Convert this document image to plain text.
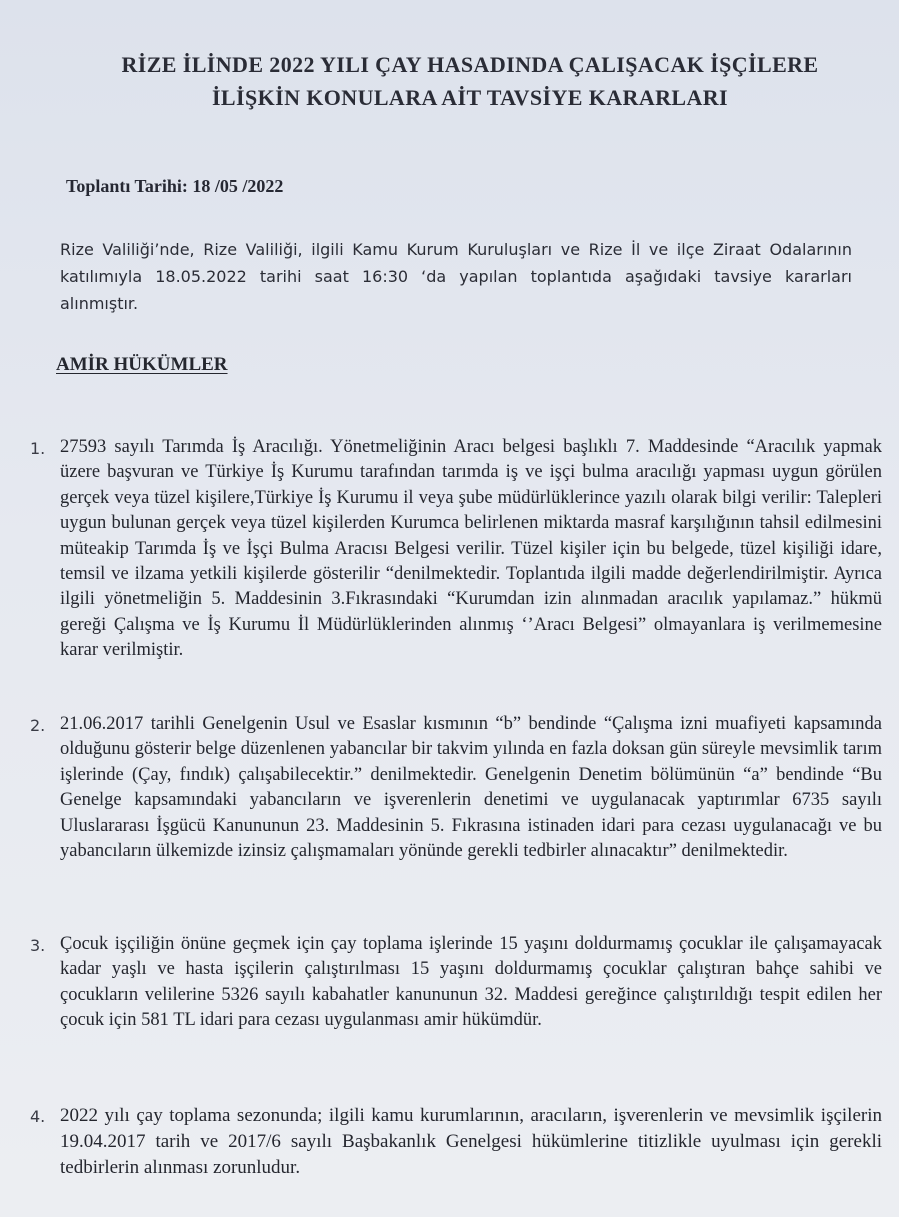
RİZE İLİNDE 2022 YILI ÇAY HASADINDA ÇALIŞACAK İŞÇİLERE
İLİŞKİN KONULARA AİT TAVSİYE KARARLARI
Toplantı Tarihi: 18 /05 /2022
Rize Valiliği’nde, Rize Valiliği, ilgili Kamu Kurum Kuruluşları ve Rize İl ve ilçe Ziraat Odalarının katılımıyla 18.05.2022 tarihi saat 16:30 ‘da yapılan toplantıda aşağıdaki tavsiye kararları alınmıştır.
AMİR HÜKÜMLER
1. 27593 sayılı Tarımda İş Aracılığı. Yönetmeliğinin Aracı belgesi başlıklı 7. Maddesinde “Aracılık yapmak üzere başvuran ve Türkiye İş Kurumu tarafından tarımda iş ve işçi bulma aracılığı yapması uygun görülen gerçek veya tüzel kişilere,Türkiye İş Kurumu il veya şube müdürlüklerince yazılı olarak bilgi verilir: Talepleri uygun bulunan gerçek veya tüzel kişilerden Kurumca belirlenen miktarda masraf karşılığının tahsil edilmesini müteakip Tarımda İş ve İşçi Bulma Aracısı Belgesi verilir. Tüzel kişiler için bu belgede, tüzel kişiliği idare, temsil ve ilzama yetkili kişilerde gösterilir “denilmektedir. Toplantıda ilgili madde değerlendirilmiştir. Ayrıca ilgili yönetmeliğin 5. Maddesinin 3.Fıkrasındaki “Kurumdan izin alınmadan aracılık yapılamaz.” hükmü gereği Çalışma ve İş Kurumu İl Müdürlüklerinden alınmış ‘’Aracı Belgesi” olmayanlara iş verilmemesine karar verilmiştir.
2. 21.06.2017 tarihli Genelgenin Usul ve Esaslar kısmının “b” bendinde “Çalışma izni muafiyeti kapsamında olduğunu gösterir belge düzenlenen yabancılar bir takvim yılında en fazla doksan gün süreyle mevsimlik tarım işlerinde (Çay, fındık) çalışabilecektir.” denilmektedir. Genelgenin Denetim bölümünün “a” bendinde “Bu Genelge kapsamındaki yabancıların ve işverenlerin denetimi ve uygulanacak yaptırımlar 6735 sayılı Uluslararası İşgücü Kanununun 23. Maddesinin 5. Fıkrasına istinaden idari para cezası uygulanacağı ve bu yabancıların ülkemizde izinsiz çalışmamaları yönünde gerekli tedbirler alınacaktır” denilmektedir.
3. Çocuk işçiliğin önüne geçmek için çay toplama işlerinde 15 yaşını doldurmamış çocuklar ile çalışamayacak kadar yaşlı ve hasta işçilerin çalıştırılması 15 yaşını doldurmamış çocuklar çalıştıran bahçe sahibi ve çocukların velilerine 5326 sayılı kabahatler kanununun 32. Maddesi gereğince çalıştırıldığı tespit edilen her çocuk için 581 TL idari para cezası uygulanması amir hükümdür.
4. 2022 yılı çay toplama sezonunda; ilgili kamu kurumlarının, aracıların, işverenlerin ve mevsimlik işçilerin 19.04.2017 tarih ve 2017/6 sayılı Başbakanlık Genelgesi hükümlerine titizlikle uyulması için gerekli tedbirlerin alınması zorunludur.
